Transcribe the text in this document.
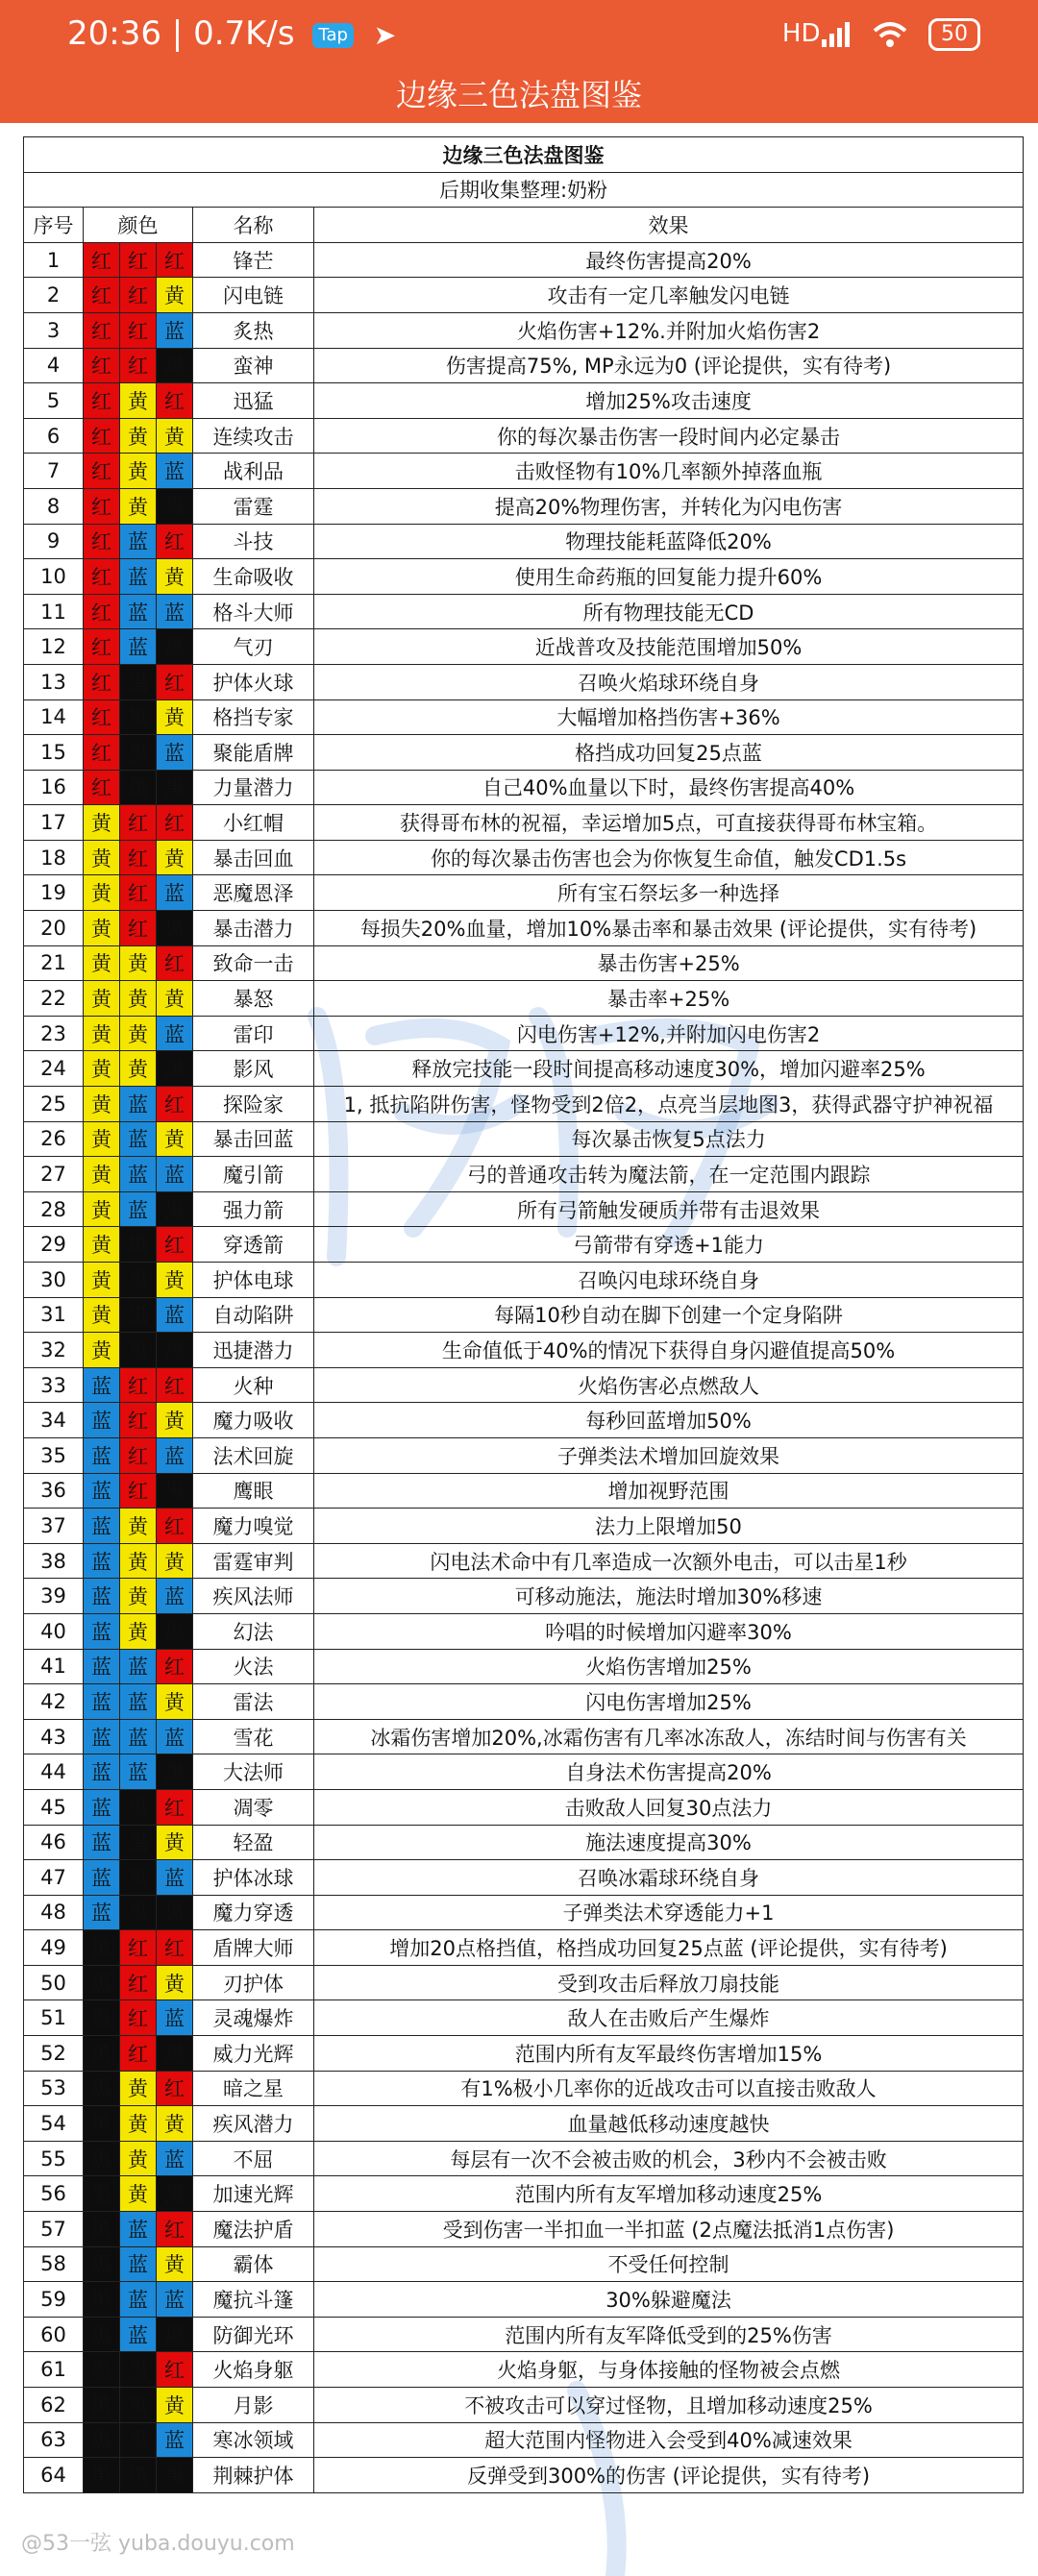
20:36 | 0.7K/s Tap ➤	HD	50
边缘三色法盘图鉴
边缘三色法盘图鉴					
后期收集整理:奶粉					
序号	颜色			名称	效果
1	红	红	红	锋芒	最终伤害提高20%
2	红	红	黄	闪电链	攻击有一定几率触发闪电链
3	红	红	蓝	炙热	火焰伤害+12%.并附加火焰伤害2
4	红	红	黑	蛮神	伤害提高75%, MP永远为0 (评论提供，实有待考)
5	红	黄	红	迅猛	增加25%攻击速度
6	红	黄	黄	连续攻击	你的每次暴击伤害一段时间内必定暴击
7	红	黄	蓝	战利品	击败怪物有10%几率额外掉落血瓶
8	红	黄	黑	雷霆	提高20%物理伤害，并转化为闪电伤害
9	红	蓝	红	斗技	物理技能耗蓝降低20%
10	红	蓝	黄	生命吸收	使用生命药瓶的回复能力提升60%
11	红	蓝	蓝	格斗大师	所有物理技能无CD
12	红	蓝	黑	气刃	近战普攻及技能范围增加50%
13	红	黑	红	护体火球	召唤火焰球环绕自身
14	红	黑	黄	格挡专家	大幅增加格挡伤害+36%
15	红	黑	蓝	聚能盾牌	格挡成功回复25点蓝
16	红	黑	黑	力量潜力	自己40%血量以下时，最终伤害提高40%
17	黄	红	红	小红帽	获得哥布林的祝福，幸运增加5点，可直接获得哥布林宝箱。
18	黄	红	黄	暴击回血	你的每次暴击伤害也会为你恢复生命值，触发CD1.5s
19	黄	红	蓝	恶魔恩泽	所有宝石祭坛多一种选择
20	黄	红	黑	暴击潜力	每损失20%血量，增加10%暴击率和暴击效果 (评论提供，实有待考)
21	黄	黄	红	致命一击	暴击伤害+25%
22	黄	黄	黄	暴怒	暴击率+25%
23	黄	黄	蓝	雷印	闪电伤害+12%,并附加闪电伤害2
24	黄	黄	黑	影风	释放完技能一段时间提高移动速度30%，增加闪避率25%
25	黄	蓝	红	探险家	1, 抵抗陷阱伤害，怪物受到2倍2，点亮当层地图3，获得武器守护神祝福
26	黄	蓝	黄	暴击回蓝	每次暴击恢复5点法力
27	黄	蓝	蓝	魔引箭	弓的普通攻击转为魔法箭，在一定范围内跟踪
28	黄	蓝	黑	强力箭	所有弓箭触发硬质并带有击退效果
29	黄	黑	红	穿透箭	弓箭带有穿透+1能力
30	黄	黑	黄	护体电球	召唤闪电球环绕自身
31	黄	黑	蓝	自动陷阱	每隔10秒自动在脚下创建一个定身陷阱
32	黄	黑	黑	迅捷潜力	生命值低于40%的情况下获得自身闪避值提高50%
33	蓝	红	红	火种	火焰伤害必点燃敌人
34	蓝	红	黄	魔力吸收	每秒回蓝增加50%
35	蓝	红	蓝	法术回旋	子弹类法术增加回旋效果
36	蓝	红	黑	鹰眼	增加视野范围
37	蓝	黄	红	魔力嗅觉	法力上限增加50
38	蓝	黄	黄	雷霆审判	闪电法术命中有几率造成一次额外电击，可以击星1秒
39	蓝	黄	蓝	疾风法师	可移动施法，施法时增加30%移速
40	蓝	黄	黑	幻法	吟唱的时候增加闪避率30%
41	蓝	蓝	红	火法	火焰伤害增加25%
42	蓝	蓝	黄	雷法	闪电伤害增加25%
43	蓝	蓝	蓝	雪花	冰霜伤害增加20%,冰霜伤害有几率冰冻敌人，冻结时间与伤害有关
44	蓝	蓝	黑	大法师	自身法术伤害提高20%
45	蓝	黑	红	凋零	击败敌人回复30点法力
46	蓝	黑	黄	轻盈	施法速度提高30%
47	蓝	黑	蓝	护体冰球	召唤冰霜球环绕自身
48	蓝	黑	黑	魔力穿透	子弹类法术穿透能力+1
49	黑	红	红	盾牌大师	增加20点格挡值，格挡成功回复25点蓝 (评论提供，实有待考)
50	黑	红	黄	刃护体	受到攻击后释放刀扇技能
51	黑	红	蓝	灵魂爆炸	敌人在击败后产生爆炸
52	黑	红	黑	威力光辉	范围内所有友军最终伤害增加15%
53	黑	黄	红	暗之星	有1%极小几率你的近战攻击可以直接击败敌人
54	黑	黄	黄	疾风潜力	血量越低移动速度越快
55	黑	黄	蓝	不屈	每层有一次不会被击败的机会，3秒内不会被击败
56	黑	黄	黑	加速光辉	范围内所有友军增加移动速度25%
57	黑	蓝	红	魔法护盾	受到伤害一半扣血一半扣蓝 (2点魔法抵消1点伤害)
58	黑	蓝	黄	霸体	不受任何控制
59	黑	蓝	蓝	魔抗斗篷	30%躲避魔法
60	黑	蓝	黑	防御光环	范围内所有友军降低受到的25%伤害
61	黑	黑	红	火焰身躯	火焰身躯，与身体接触的怪物被会点燃
62	黑	黑	黄	月影	不被攻击可以穿过怪物，且增加移动速度25%
63	黑	黑	蓝	寒冰领域	超大范围内怪物进入会受到40%减速效果
64	黑	黑	黑	荆棘护体	反弹受到300%的伤害 (评论提供，实有待考)
@53一弦 yuba.douyu.com
